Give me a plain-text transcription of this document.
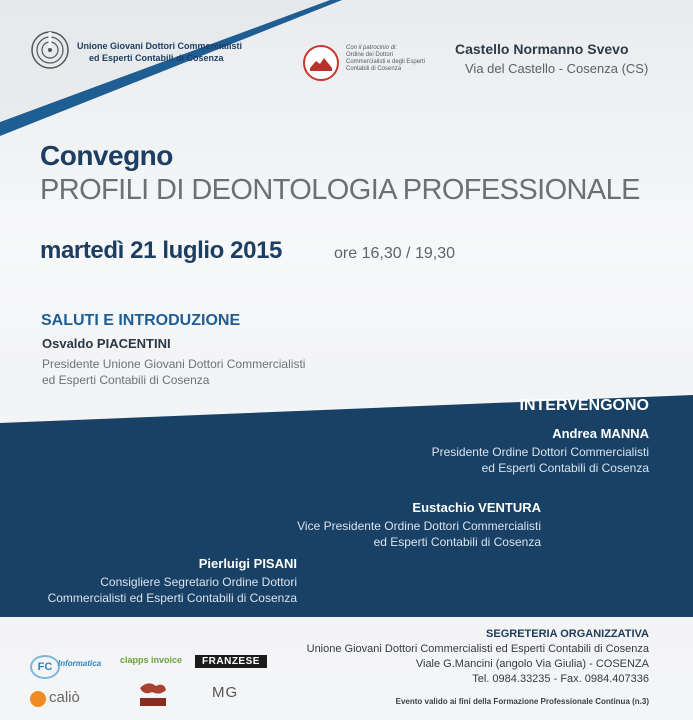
Unione Giovani Dottori Commercialisti
ed Esperti Contabili di Cosenza
Con il patrocinio di:
Ordine dei Dottori
Commercialisti e degli Esperti
Contabili di Cosenza
Castello Normanno Svevo
Via del Castello - Cosenza (CS)
Convegno
PROFILI DI DEONTOLOGIA PROFESSIONALE
martedì 21 luglio 2015	ore 16,30 / 19,30
SALUTI E INTRODUZIONE
Osvaldo PIACENTINI
Presidente Unione Giovani Dottori Commercialisti
ed Esperti Contabili di Cosenza
INTERVENGONO
Andrea MANNA
Presidente Ordine Dottori Commercialisti
ed Esperti Contabili di Cosenza
Eustachio VENTURA
Vice Presidente Ordine Dottori Commercialisti
ed Esperti Contabili di Cosenza
Pierluigi PISANI
Consigliere Segretario Ordine Dottori
Commercialisti ed Esperti Contabili di Cosenza
SEGRETERIA ORGANIZZATIVA
Unione Giovani Dottori Commercialisti ed Esperti Contabili di Cosenza
Viale G.Mancini (angolo Via Giulia) - COSENZA
Tel. 0984.33235 - Fax. 0984.407336
Evento valido ai fini della Formazione Professionale Continua (n.3)
FC Informatica clapps invoice	FRANZESE
caliò	MG
